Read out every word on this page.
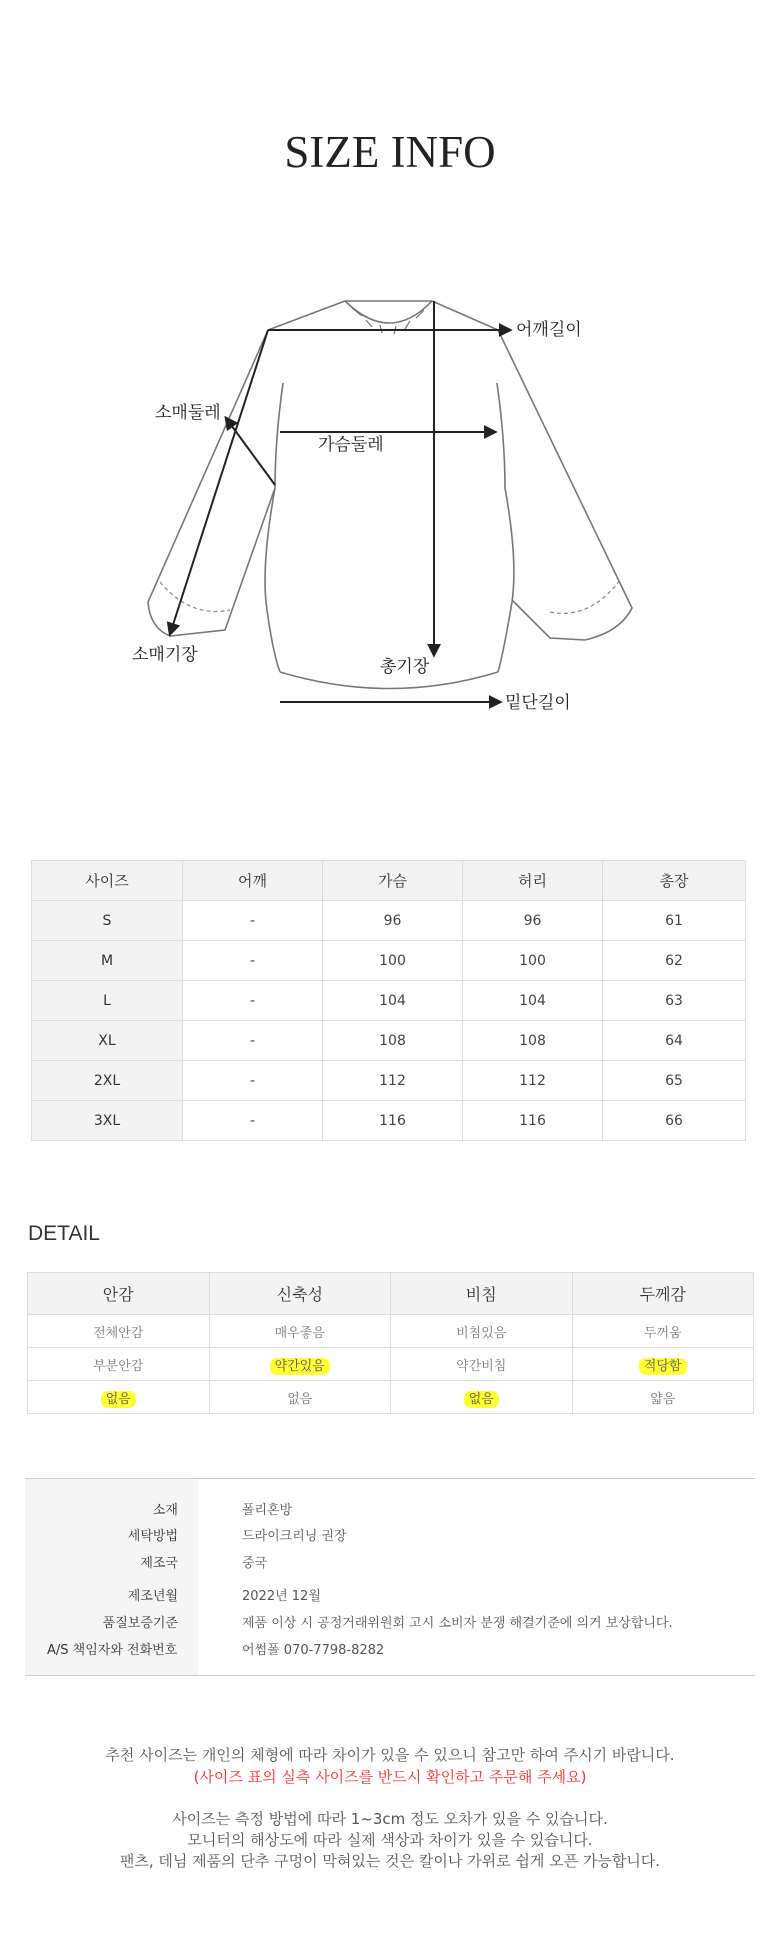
SIZE INFO
어깨길이
소매둘레
가슴둘레
소매기장
총기장
밑단길이
사이즈	어깨	가슴	허리	총장
S	-	96	96	61
M	-	100	100	62
L	-	104	104	63
XL	-	108	108	64
2XL	-	112	112	65
3XL	-	116	116	66
DETAIL
안감	신축성	비침	두께감
전체안감	매우좋음	비침있음	두꺼움
부분안감	약간있음	약간비침	적당함
없음	없음	없음	얇음
소재	폴리혼방
세탁방법	드라이크리닝 권장
제조국	중국
제조년월	2022년 12월
품질보증기준	제품 이상 시 공정거래위원회 고시 소비자 분쟁 해결기준에 의거 보상합니다.
A/S 책임자와 전화번호	어썸폴 070-7798-8282
추천 사이즈는 개인의 체형에 따라 차이가 있을 수 있으니 참고만 하여 주시기 바랍니다.
(사이즈 표의 실측 사이즈를 반드시 확인하고 주문해 주세요)
사이즈는 측정 방법에 따라 1~3cm 정도 오차가 있을 수 있습니다.
모니터의 해상도에 따라 실제 색상과 차이가 있을 수 있습니다.
팬츠, 데님 제품의 단추 구멍이 막혀있는 것은 칼이나 가위로 쉽게 오픈 가능합니다.
